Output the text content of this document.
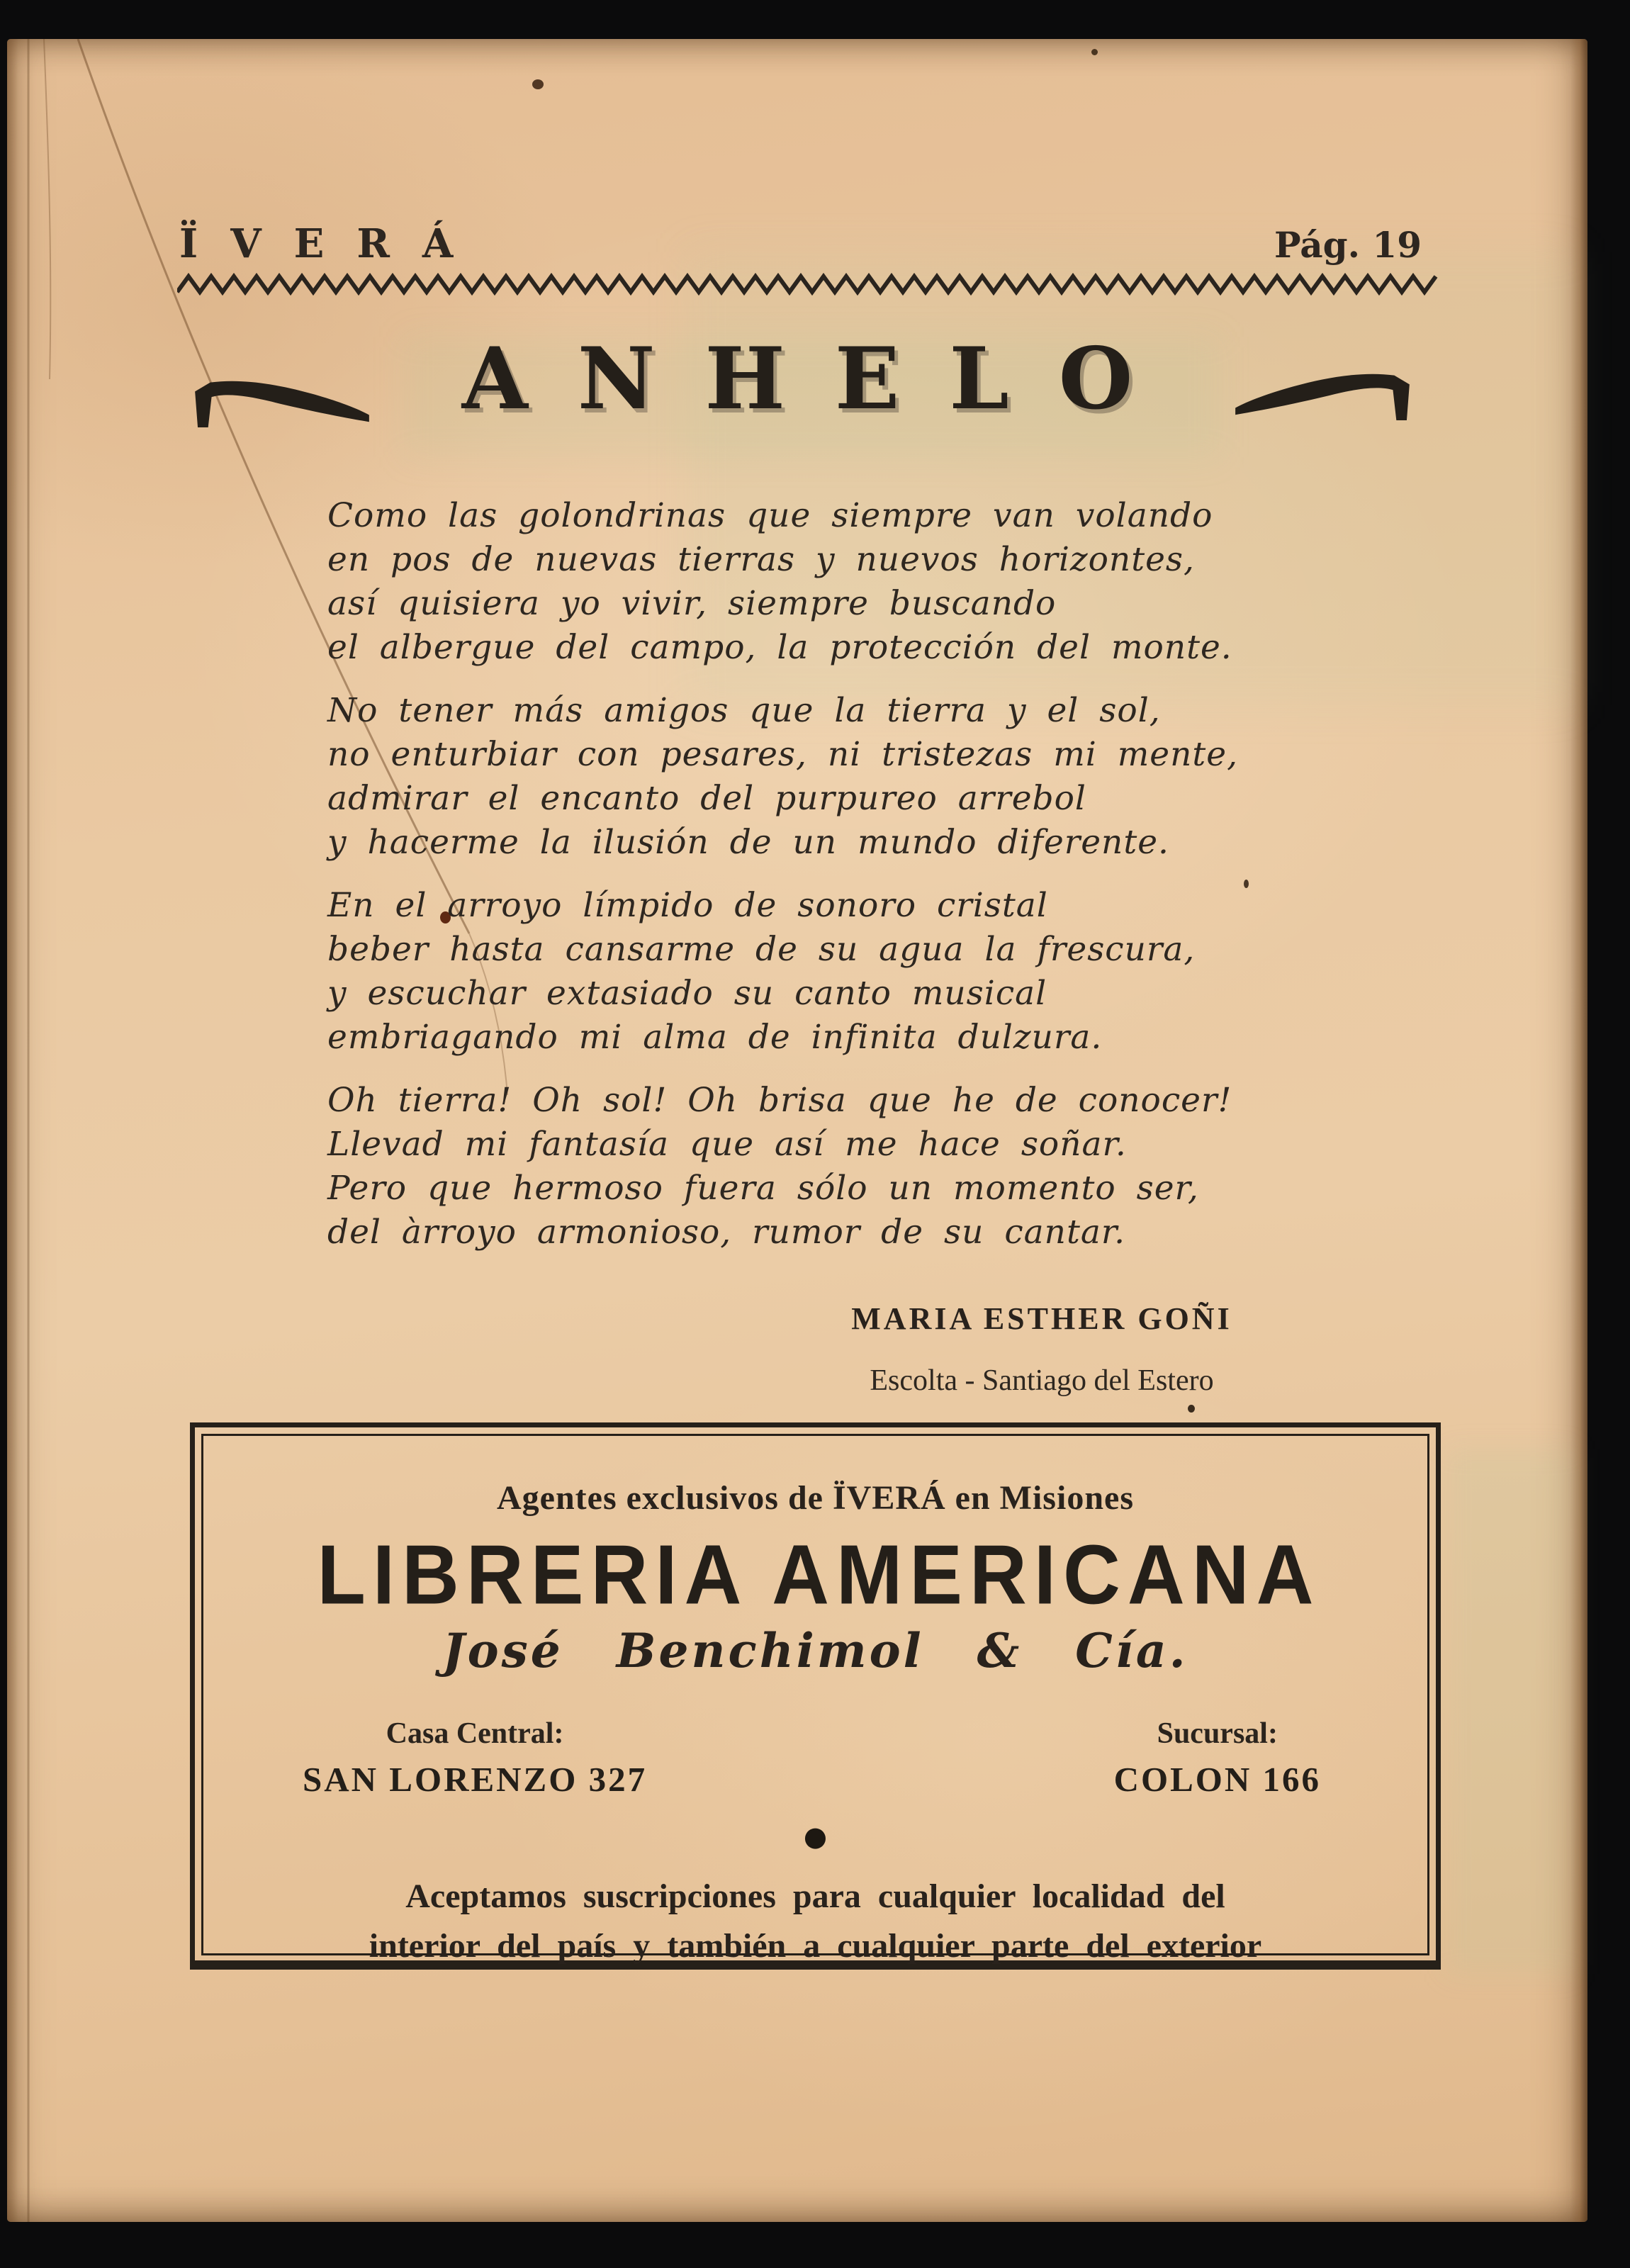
ÏVERÁ	Pág. 19
ANHELO
Como las golondrinas que siempre van volando
en pos de nuevas tierras y nuevos horizontes,
así quisiera yo vivir, siempre buscando
el albergue del campo, la protección del monte.
No tener más amigos que la tierra y el sol,
no enturbiar con pesares, ni tristezas mi mente,
admirar el encanto del purpureo arrebol
y hacerme la ilusión de un mundo diferente.
En el arroyo límpido de sonoro cristal
beber hasta cansarme de su agua la frescura,
y escuchar extasiado su canto musical
embriagando mi alma de infinita dulzura.
Oh tierra! Oh sol! Oh brisa que he de conocer!
Llevad mi fantasía que así me hace soñar.
Pero que hermoso fuera sólo un momento ser,
del àrroyo armonioso, rumor de su cantar.
MARIA ESTHER GOÑI
Escolta - Santiago del Estero
Agentes exclusivos de ÏVERÁ en Misiones
LIBRERIA AMERICANA
José Benchimol & Cía.
Casa Central:
SAN LORENZO 327
Sucursal:
COLON 166
●
Aceptamos suscripciones para cualquier localidad del
interior del país y también a cualquier parte del exterior
